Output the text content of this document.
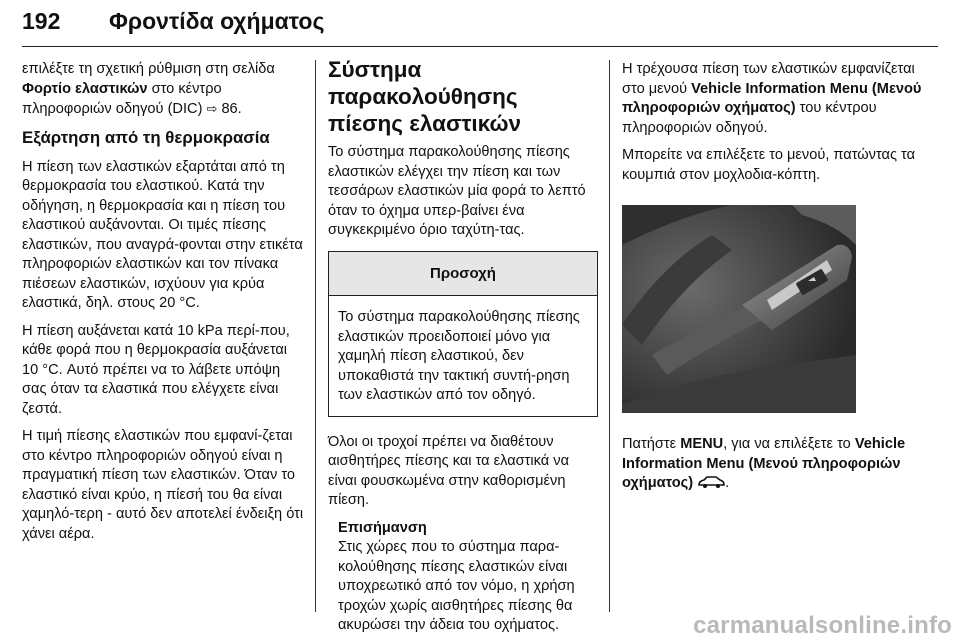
192 Φροντίδα οχήματος

επιλέξτε τη σχετική ρύθμιση στη σελίδα Φορτίο ελαστικών στο κέντρο πληροφοριών οδηγού (DIC) ⇨ 86.

Εξάρτηση από τη θερμοκρασία

Η πίεση των ελαστικών εξαρτάται από τη θερμοκρασία του ελαστικού. Κατά την οδήγηση, η θερμοκρασία και η πίεση του ελαστικού αυξάνονται. Οι τιμές πίεσης ελαστικών, που αναγρά-φονται στην ετικέτα πληροφοριών ελαστικών και τον πίνακα πιέσεων ελαστικών, ισχύουν για κρύα ελαστικά, δηλ. στους 20 °C.

Η πίεση αυξάνεται κατά 10 kPa περί-που, κάθε φορά που η θερμοκρασία αυξάνεται 10 °C. Αυτό πρέπει να το λάβετε υπόψη σας όταν τα ελαστικά που ελέγχετε είναι ζεστά.

Η τιμή πίεσης ελαστικών που εμφανί-ζεται στο κέντρο πληροφοριών οδηγού είναι η πραγματική πίεση των ελαστικών. Όταν το ελαστικό είναι κρύο, η πίεσή του θα είναι χαμηλό-τερη - αυτό δεν αποτελεί ένδειξη ότι χάνει αέρα.

Σύστημα παρακολούθησης πίεσης ελαστικών

Το σύστημα παρακολούθησης πίεσης ελαστικών ελέγχει την πίεση και των τεσσάρων ελαστικών μία φορά το λεπτό όταν το όχημα υπερ-βαίνει ένα συγκεκριμένο όριο ταχύτη-τας.

Προσοχή
Το σύστημα παρακολούθησης πίεσης ελαστικών προειδοποιεί μόνο για χαμηλή πίεση ελαστικού, δεν υποκαθιστά την τακτική συντή-ρηση των ελαστικών από τον οδηγό.

Όλοι οι τροχοί πρέπει να διαθέτουν αισθητήρες πίεσης και τα ελαστικά να είναι φουσκωμένα στην καθορισμένη πίεση.

Επισήμανση
Στις χώρες που το σύστημα παρα-κολούθησης πίεσης ελαστικών είναι υποχρεωτικό από τον νόμο, η χρήση τροχών χωρίς αισθητήρες πίεσης θα ακυρώσει την άδεια του οχήματος.

Η τρέχουσα πίεση των ελαστικών εμφανίζεται στο μενού Vehicle Information Menu (Μενού πληροφοριών οχήματος) του κέντρου πληροφοριών οδηγού.

Μπορείτε να επιλέξετε το μενού, πατώντας τα κουμπιά στον μοχλοδια-κόπτη.

Πατήστε MENU, για να επιλέξετε το Vehicle Information Menu (Μενού πληροφοριών οχήματος) .

carmanualsonline.info
